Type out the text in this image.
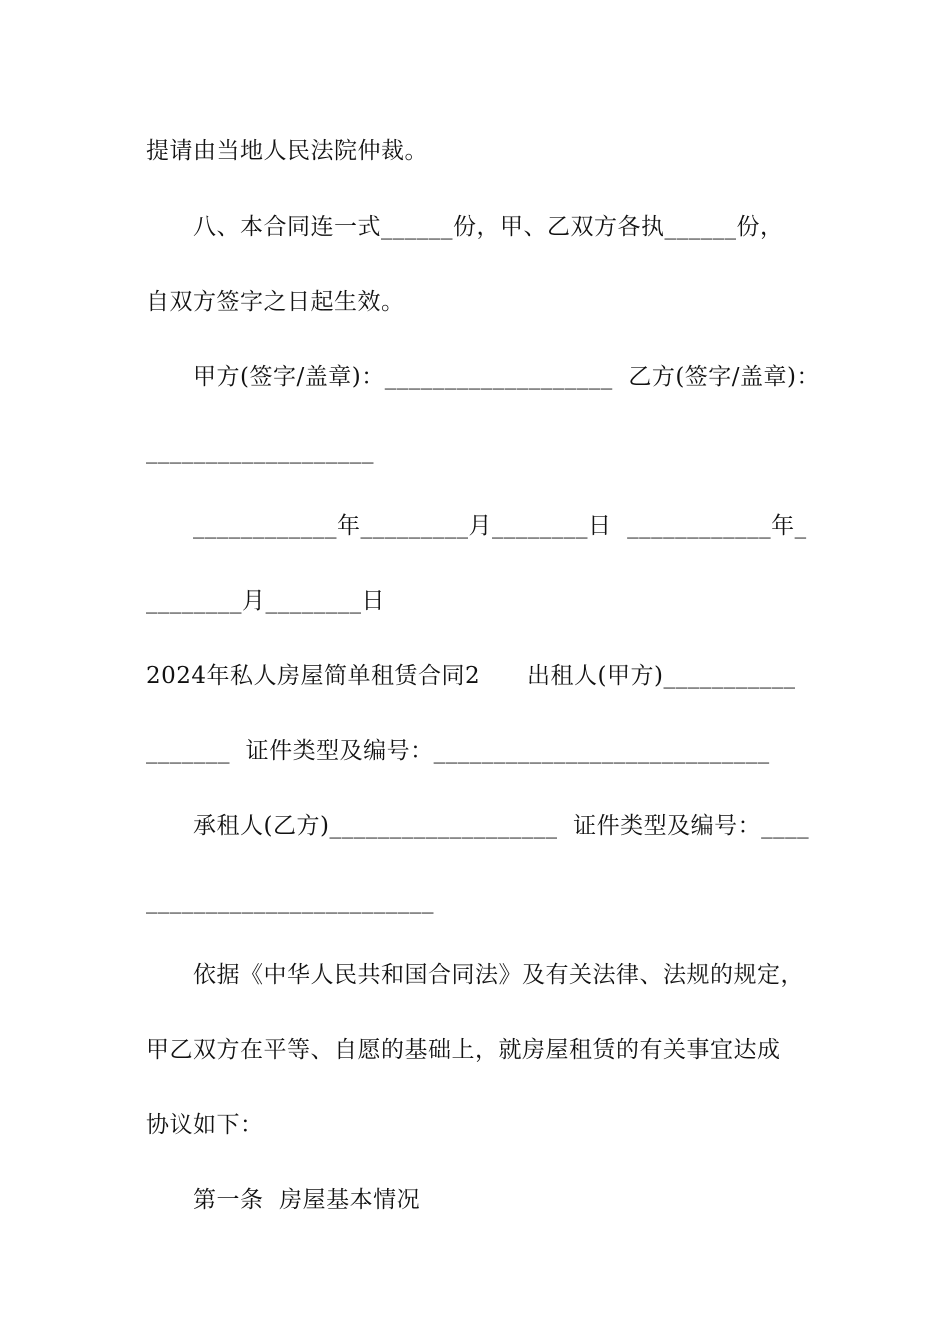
提请由当地人民法院仲裁。
八、本合同连一式______份，甲、乙双方各执______份，
自双方签字之日起生效。
甲方(签字/盖章)：___________________  乙方(签字/盖章)：
___________________
____________年_________月________日  ____________年_
________月________日
2024年私人房屋简单租赁合同2      出租人(甲方)___________
_______  证件类型及编号：____________________________
承租人(乙方)___________________  证件类型及编号：____
________________________
依据《中华人民共和国合同法》及有关法律、法规的规定，
甲乙双方在平等、自愿的基础上，就房屋租赁的有关事宜达成
协议如下：
第一条  房屋基本情况
